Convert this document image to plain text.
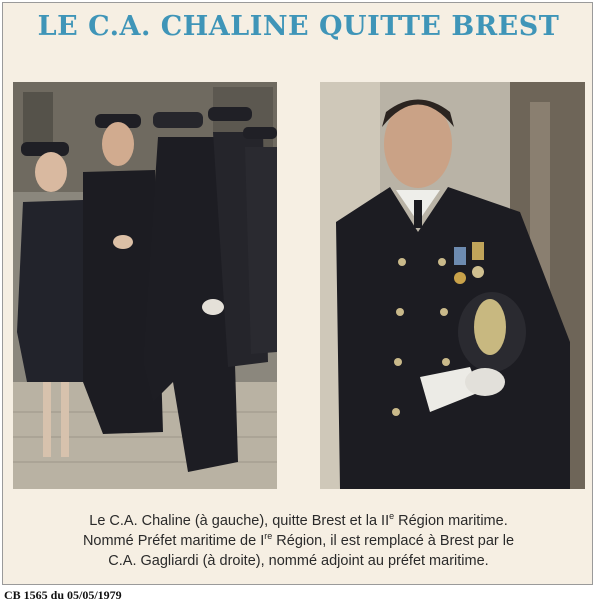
LE C.A. CHALINE QUITTE BREST
Le C.A. Chaline (à gauche), quitte Brest et la IIe Région maritime.
Nommé Préfet maritime de Ire Région, il est remplacé à Brest par le
C.A. Gagliardi (à droite), nommé adjoint au préfet maritime.
CB 1565 du 05/05/1979
